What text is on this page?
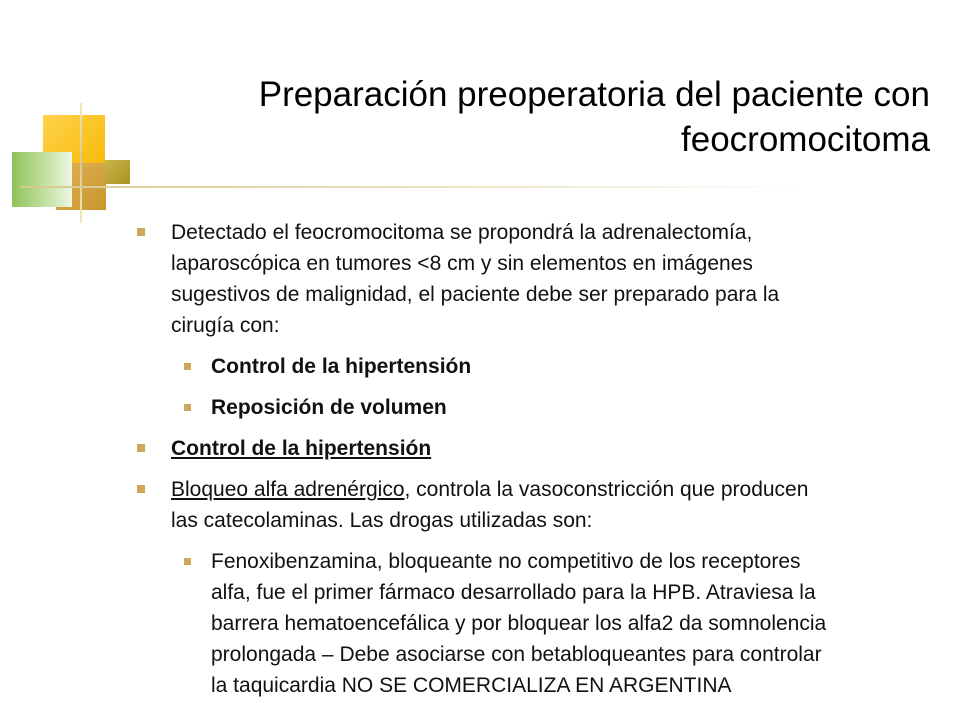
Preparación preoperatoria del paciente con
feocromocitoma
Detectado el feocromocitoma se propondrá la adrenalectomía,
laparoscópica en tumores <8 cm y sin elementos en imágenes
sugestivos de malignidad, el paciente debe ser preparado para la
cirugía con:
Control de la hipertensión
Reposición de volumen
Control de la hipertensión
Bloqueo alfa adrenérgico, controla la vasoconstricción que producen
las catecolaminas. Las drogas utilizadas son:
Fenoxibenzamina, bloqueante no competitivo de los receptores
alfa, fue el primer fármaco desarrollado para la HPB. Atraviesa la
barrera hematoencefálica y por bloquear los alfa2 da somnolencia
prolongada – Debe asociarse con betabloqueantes para controlar
la taquicardia NO SE COMERCIALIZA EN ARGENTINA
